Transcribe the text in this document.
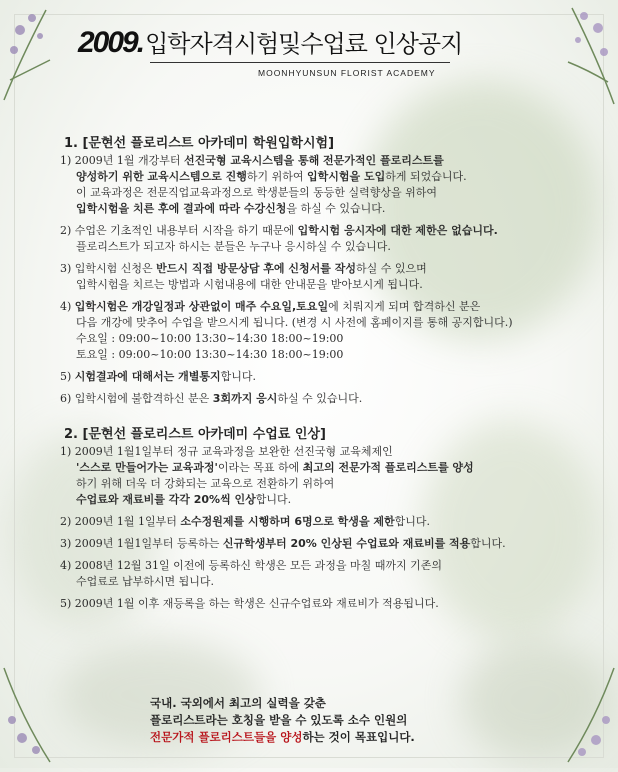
2009. 입학자격시험및수업료 인상공지
MOONHYUNSUN FLORIST ACADEMY
1. [문현선 플로리스트 아카데미 학원입학시험]
1) 2009년 1월 개강부터 선진국형 교육시스템을 통해 전문가적인 플로리스트를
양성하기 위한 교육시스템으로 진행하기 위하여 입학시험을 도입하게 되었습니다.
이 교육과정은 전문직업교육과정으로 학생분들의 동등한 실력향상을 위하여
입학시험을 치른 후에 결과에 따라 수강신청을 하실 수 있습니다.
2) 수업은 기초적인 내용부터 시작을 하기 때문에 입학시험 응시자에 대한 제한은 없습니다.
플로리스트가 되고자 하시는 분들은 누구나 응시하실 수 있습니다.
3) 입학시험 신청은 반드시 직접 방문상담 후에 신청서를 작성하실 수 있으며
입학시험을 치르는 방법과 시험내용에 대한 안내문을 받아보시게 됩니다.
4) 입학시험은 개강일정과 상관없이 매주 수요일,토요일에 치뤄지게 되며 합격하신 분은
다음 개강에 맞추어 수업을 받으시게 됩니다. (변경 시 사전에 홈페이지를 통해 공지합니다.)
수요일 : 09:00~10:00 13:30~14:30 18:00~19:00
토요일 : 09:00~10:00 13:30~14:30 18:00~19:00
5) 시험결과에 대해서는 개별통지합니다.
6) 입학시험에 불합격하신 분은 3회까지 응시하실 수 있습니다.
2. [문현선 플로리스트 아카데미 수업료 인상]
1) 2009년 1월1일부터 정규 교육과정을 보완한 선진국형 교육체제인
'스스로 만들어가는 교육과정'이라는 목표 하에 최고의 전문가적 플로리스트를 양성
하기 위해 더욱 더 강화되는 교육으로 전환하기 위하여
수업료와 재료비를 각각 20%씩 인상합니다.
2) 2009년 1월 1일부터 소수정원제를 시행하며 6명으로 학생을 제한합니다.
3) 2009년 1월1일부터 등록하는 신규학생부터 20% 인상된 수업료와 재료비를 적용합니다.
4) 2008년 12월 31일 이전에 등록하신 학생은 모든 과정을 마칠 때까지 기존의
수업료로 납부하시면 됩니다.
5) 2009년 1월 이후 재등록을 하는 학생은 신규수업료와 재료비가 적용됩니다.
국내. 국외에서 최고의 실력을 갖춘
플로리스트라는 호칭을 받을 수 있도록 소수 인원의
전문가적 플로리스트들을 양성하는 것이 목표입니다.
